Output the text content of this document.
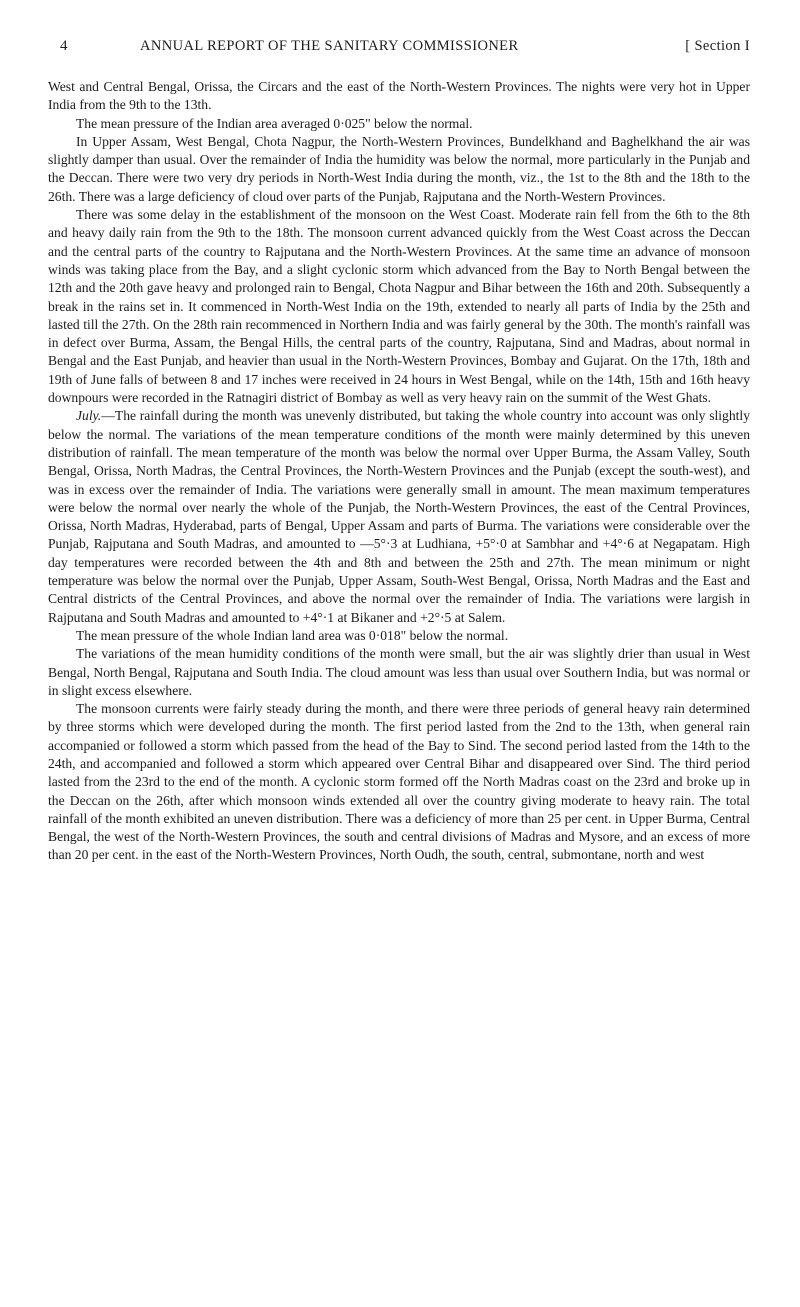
4	ANNUAL REPORT OF THE SANITARY COMMISSIONER	[ Section I

West and Central Bengal, Orissa, the Circars and the east of the North-Western Provinces. The nights were very hot in Upper India from the 9th to the 13th.

The mean pressure of the Indian area averaged 0·025" below the normal.

In Upper Assam, West Bengal, Chota Nagpur, the North-Western Provinces, Bundelkhand and Baghelkhand the air was slightly damper than usual. Over the remainder of India the humidity was below the normal, more particularly in the Punjab and the Deccan. There were two very dry periods in North-West India during the month, viz., the 1st to the 8th and the 18th to the 26th. There was a large deficiency of cloud over parts of the Punjab, Rajputana and the North-Western Provinces.

There was some delay in the establishment of the monsoon on the West Coast. Moderate rain fell from the 6th to the 8th and heavy daily rain from the 9th to the 18th. The monsoon current advanced quickly from the West Coast across the Deccan and the central parts of the country to Rajputana and the North-Western Provinces. At the same time an advance of monsoon winds was taking place from the Bay, and a slight cyclonic storm which advanced from the Bay to North Bengal between the 12th and the 20th gave heavy and prolonged rain to Bengal, Chota Nagpur and Bihar between the 16th and 20th. Subsequently a break in the rains set in. It commenced in North-West India on the 19th, extended to nearly all parts of India by the 25th and lasted till the 27th. On the 28th rain recommenced in Northern India and was fairly general by the 30th. The month's rainfall was in defect over Burma, Assam, the Bengal Hills, the central parts of the country, Rajputana, Sind and Madras, about normal in Bengal and the East Punjab, and heavier than usual in the North-Western Provinces, Bombay and Gujarat. On the 17th, 18th and 19th of June falls of between 8 and 17 inches were received in 24 hours in West Bengal, while on the 14th, 15th and 16th heavy downpours were recorded in the Ratnagiri district of Bombay as well as very heavy rain on the summit of the West Ghats.

July.—The rainfall during the month was unevenly distributed, but taking the whole country into account was only slightly below the normal. The variations of the mean temperature conditions of the month were mainly determined by this uneven distribution of rainfall. The mean temperature of the month was below the normal over Upper Burma, the Assam Valley, South Bengal, Orissa, North Madras, the Central Provinces, the North-Western Provinces and the Punjab (except the south-west), and was in excess over the remainder of India. The variations were generally small in amount. The mean maximum temperatures were below the normal over nearly the whole of the Punjab, the North-Western Provinces, the east of the Central Provinces, Orissa, North Madras, Hyderabad, parts of Bengal, Upper Assam and parts of Burma. The variations were considerable over the Punjab, Rajputana and South Madras, and amounted to —5°·3 at Ludhiana, +5°·0 at Sambhar and +4°·6 at Negapatam. High day temperatures were recorded between the 4th and 8th and between the 25th and 27th. The mean minimum or night temperature was below the normal over the Punjab, Upper Assam, South-West Bengal, Orissa, North Madras and the East and Central districts of the Central Provinces, and above the normal over the remainder of India. The variations were largish in Rajputana and South Madras and amounted to +4°·1 at Bikaner and +2°·5 at Salem.

The mean pressure of the whole Indian land area was 0·018" below the normal.

The variations of the mean humidity conditions of the month were small, but the air was slightly drier than usual in West Bengal, North Bengal, Rajputana and South India. The cloud amount was less than usual over Southern India, but was normal or in slight excess elsewhere.

The monsoon currents were fairly steady during the month, and there were three periods of general heavy rain determined by three storms which were developed during the month. The first period lasted from the 2nd to the 13th, when general rain accompanied or followed a storm which passed from the head of the Bay to Sind. The second period lasted from the 14th to the 24th, and accompanied and followed a storm which appeared over Central Bihar and disappeared over Sind. The third period lasted from the 23rd to the end of the month. A cyclonic storm formed off the North Madras coast on the 23rd and broke up in the Deccan on the 26th, after which monsoon winds extended all over the country giving moderate to heavy rain. The total rainfall of the month exhibited an uneven distribution. There was a deficiency of more than 25 per cent. in Upper Burma, Central Bengal, the west of the North-Western Provinces, the south and central divisions of Madras and Mysore, and an excess of more than 20 per cent. in the east of the North-Western Provinces, North Oudh, the south, central, submontane, north and west
